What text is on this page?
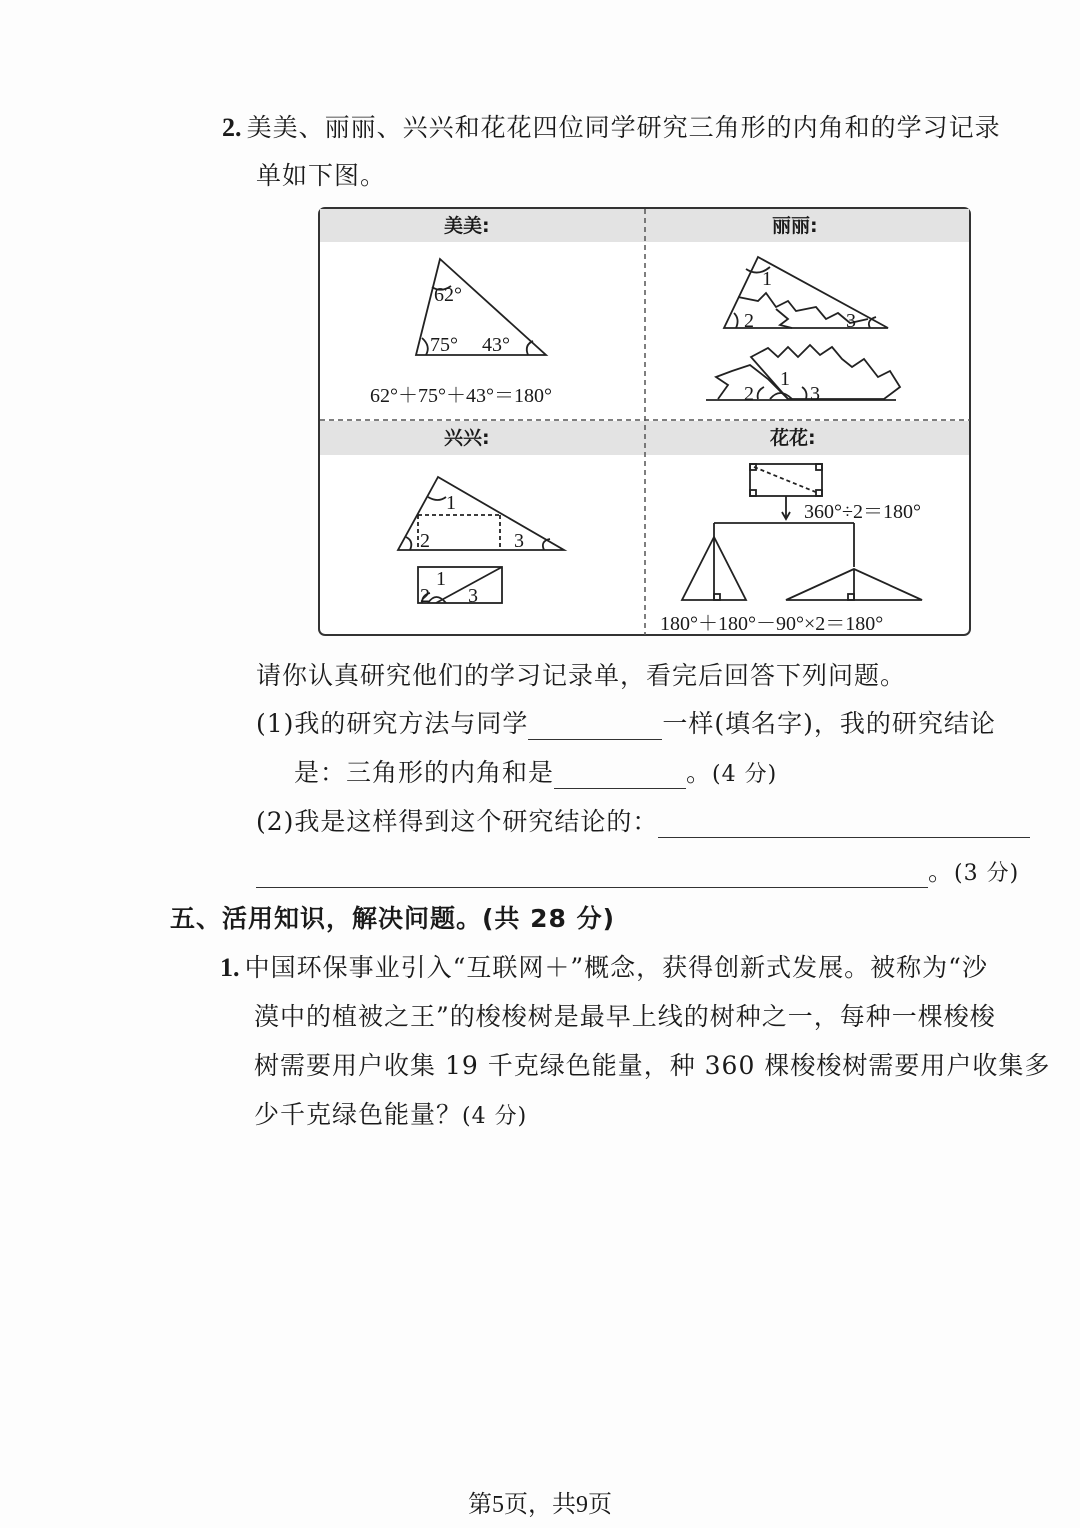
2. 美美、丽丽、兴兴和花花四位同学研究三角形的内角和的学习记录
单如下图。
美美:
62°
75° 43°
62°＋75°＋43°＝180°
丽丽:
1
2	3
1
2	3
兴兴:
1
2	3
1
2 3
花花:
360°÷2＝180°
180°＋180°－90°×2＝180°
请你认真研究他们的学习记录单，看完后回答下列问题。
(1)我的研究方法与同学	一样(填名字)，我的研究结论
是：三角形的内角和是	。(4 分)
(2)我是这样得到这个研究结论的：
。(3 分)
五、活用知识，解决问题。(共 28 分)
1. 中国环保事业引入“互联网＋”概念，获得创新式发展。被称为“沙
漠中的植被之王”的梭梭树是最早上线的树种之一，每种一棵梭梭
树需要用户收集 19 千克绿色能量，种 360 棵梭梭树需要用户收集多
少千克绿色能量？(4 分)
第5页，共9页
